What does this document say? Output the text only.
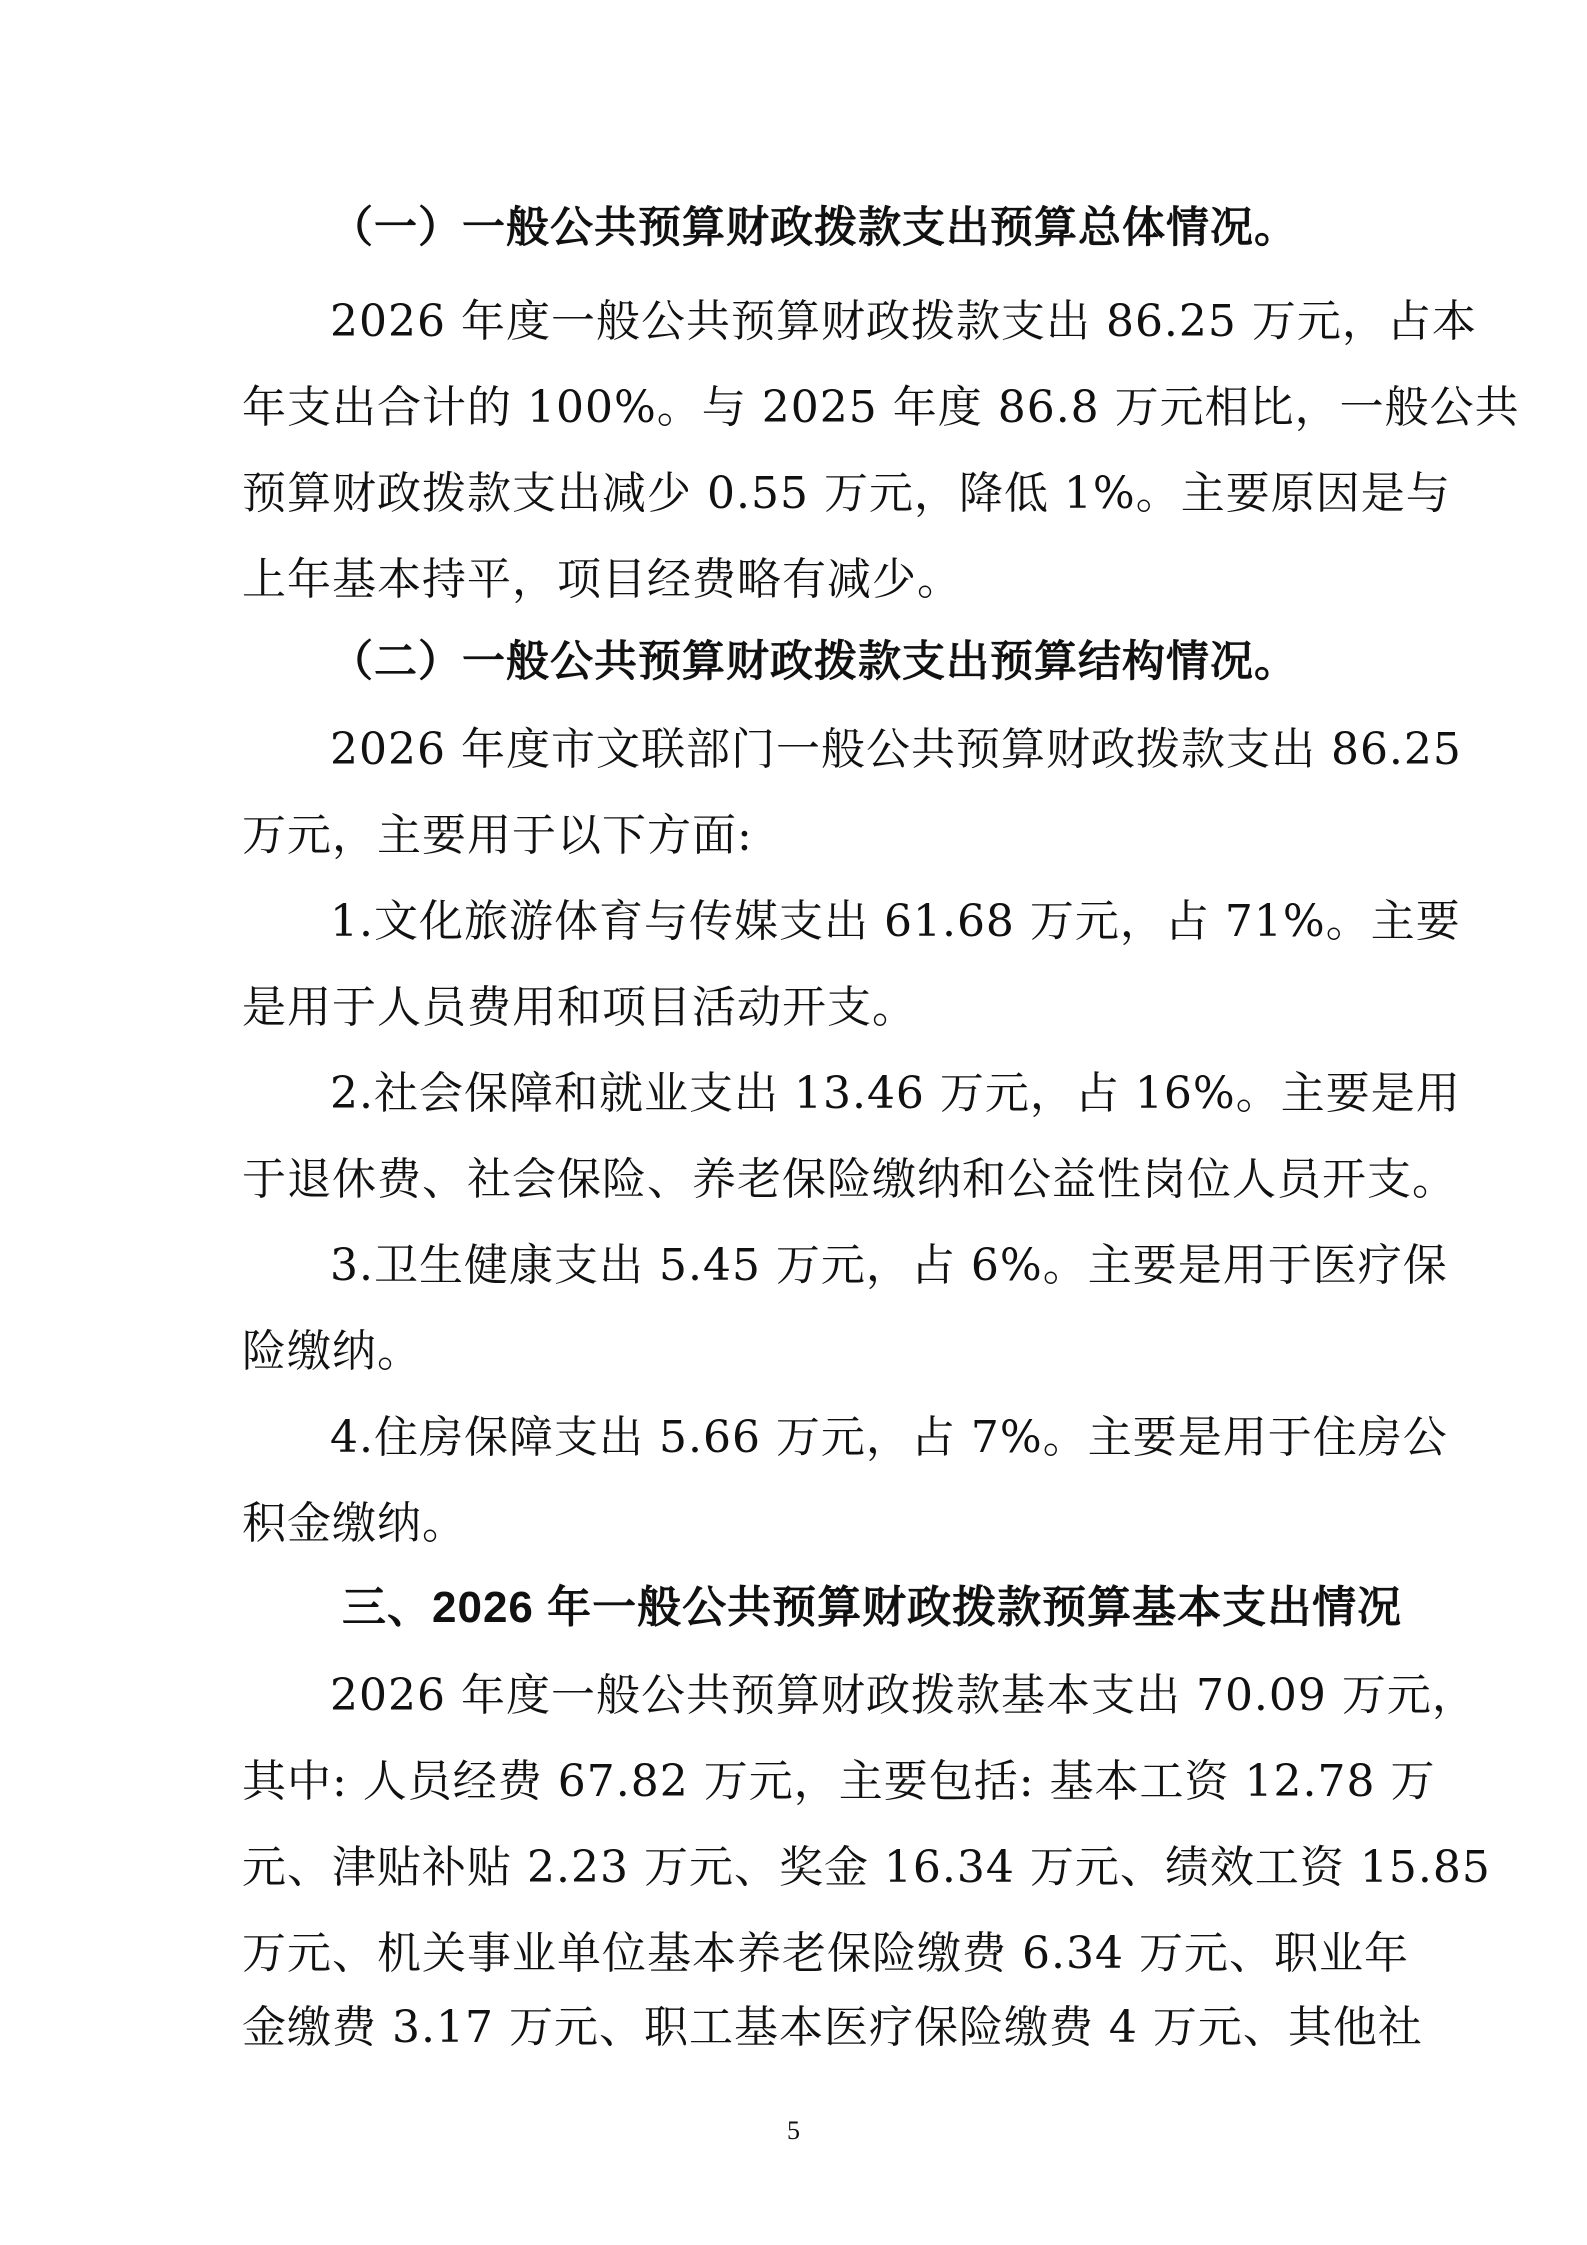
（一）一般公共预算财政拨款支出预算总体情况。
2026 年度一般公共预算财政拨款支出 86.25 万元，占本
年支出合计的 100%。与 2025 年度 86.8 万元相比，一般公共
预算财政拨款支出减少 0.55 万元，降低 1%。主要原因是与
上年基本持平，项目经费略有减少。
（二）一般公共预算财政拨款支出预算结构情况。
2026 年度市文联部门一般公共预算财政拨款支出 86.25
万元，主要用于以下方面:
1.文化旅游体育与传媒支出 61.68 万元，占 71%。主要
是用于人员费用和项目活动开支。
2.社会保障和就业支出 13.46 万元，占 16%。主要是用
于退休费、社会保险、养老保险缴纳和公益性岗位人员开支。
3.卫生健康支出 5.45 万元，占 6%。主要是用于医疗保
险缴纳。
4.住房保障支出 5.66 万元，占 7%。主要是用于住房公
积金缴纳。
三、2026 年一般公共预算财政拨款预算基本支出情况
2026 年度一般公共预算财政拨款基本支出 70.09 万元，
其中: 人员经费 67.82 万元，主要包括: 基本工资 12.78 万
元、津贴补贴 2.23 万元、奖金 16.34 万元、绩效工资 15.85
万元、机关事业单位基本养老保险缴费 6.34 万元、职业年
金缴费 3.17 万元、职工基本医疗保险缴费 4 万元、其他社
5
